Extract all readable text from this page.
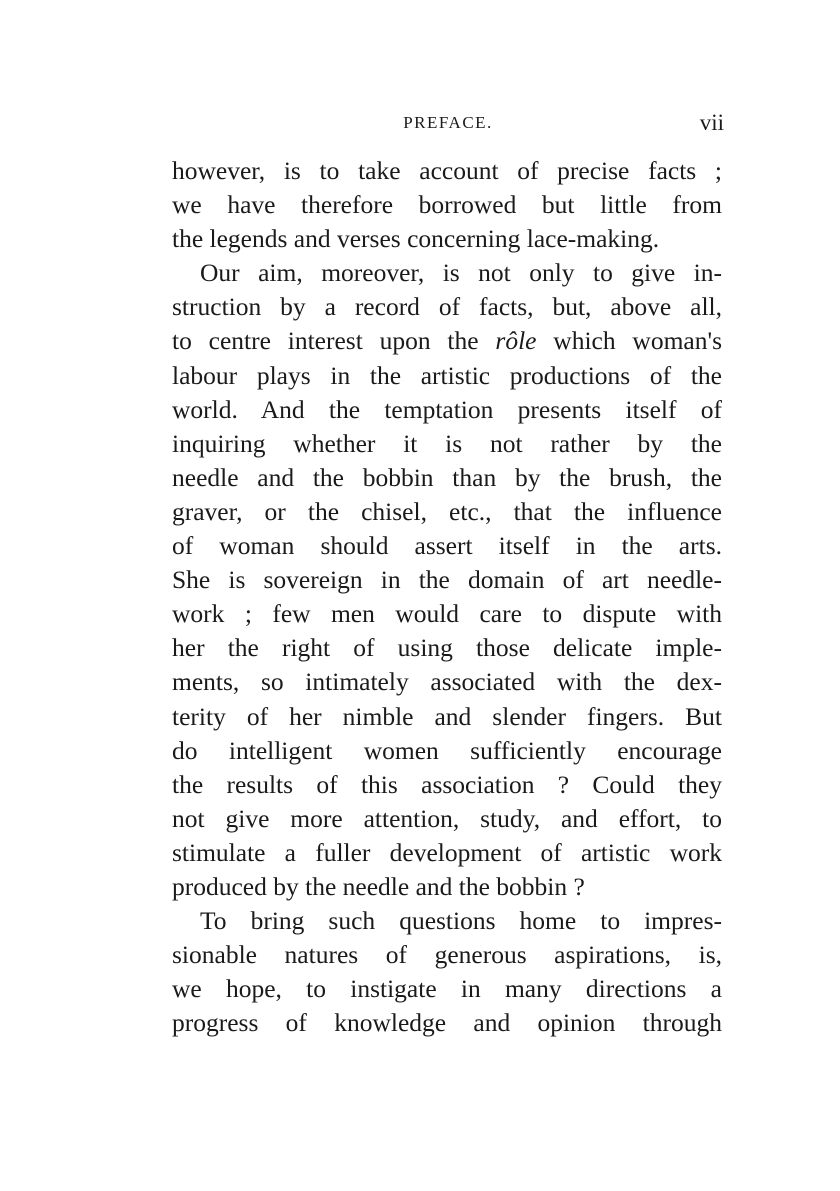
PREFACE.	vii
however, is to take account of precise facts ;
we have therefore borrowed but little from
the legends and verses concerning lace-making.
Our aim, moreover, is not only to give in-
struction by a record of facts, but, above all,
to centre interest upon the rôle which woman's
labour plays in the artistic productions of the
world. And the temptation presents itself of
inquiring whether it is not rather by the
needle and the bobbin than by the brush, the
graver, or the chisel, etc., that the influence
of woman should assert itself in the arts.
She is sovereign in the domain of art needle-
work ; few men would care to dispute with
her the right of using those delicate imple-
ments, so intimately associated with the dex-
terity of her nimble and slender fingers. But
do intelligent women sufficiently encourage
the results of this association ? Could they
not give more attention, study, and effort, to
stimulate a fuller development of artistic work
produced by the needle and the bobbin ?
To bring such questions home to impres-
sionable natures of generous aspirations, is,
we hope, to instigate in many directions a
progress of knowledge and opinion through
